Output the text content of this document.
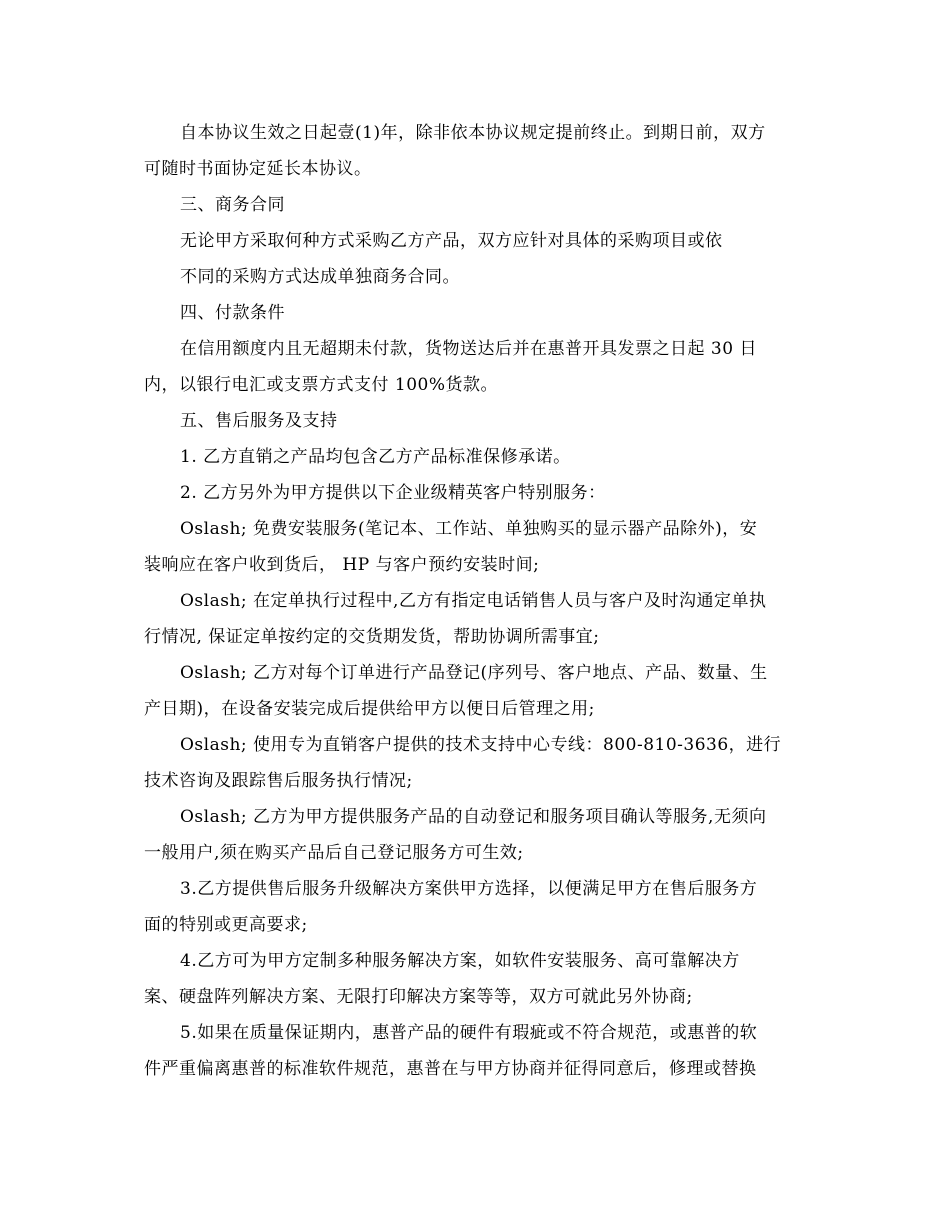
自本协议生效之日起壹(1)年，除非依本协议规定提前终止。到期日前，双方
可随时书面协定延长本协议。
三、商务合同
无论甲方采取何种方式采购乙方产品，双方应针对具体的采购项目或依
不同的采购方式达成单独商务合同。
四、付款条件
在信用额度内且无超期未付款，货物送达后并在惠普开具发票之日起 30 日
内，以银行电汇或支票方式支付 100%货款。
五、售后服务及支持
1. 乙方直销之产品均包含乙方产品标准保修承诺。
2. 乙方另外为甲方提供以下企业级精英客户特别服务：
Oslash; 免费安装服务(笔记本、工作站、单独购买的显示器产品除外)，安
装响应在客户收到货后， HP 与客户预约安装时间;
Oslash; 在定单执行过程中,乙方有指定电话销售人员与客户及时沟通定单执
行情况, 保证定单按约定的交货期发货，帮助协调所需事宜;
Oslash; 乙方对每个订单进行产品登记(序列号、客户地点、产品、数量、生
产日期)，在设备安装完成后提供给甲方以便日后管理之用;
Oslash; 使用专为直销客户提供的技术支持中心专线：800-810-3636，进行
技术咨询及跟踪售后服务执行情况;
Oslash; 乙方为甲方提供服务产品的自动登记和服务项目确认等服务,无须向
一般用户,须在购买产品后自己登记服务方可生效;
3.乙方提供售后服务升级解决方案供甲方选择，以便满足甲方在售后服务方
面的特别或更高要求;
4.乙方可为甲方定制多种服务解决方案，如软件安装服务、高可靠解决方
案、硬盘阵列解决方案、无限打印解决方案等等，双方可就此另外协商;
5.如果在质量保证期内，惠普产品的硬件有瑕疵或不符合规范，或惠普的软
件严重偏离惠普的标准软件规范，惠普在与甲方协商并征得同意后，修理或替换
